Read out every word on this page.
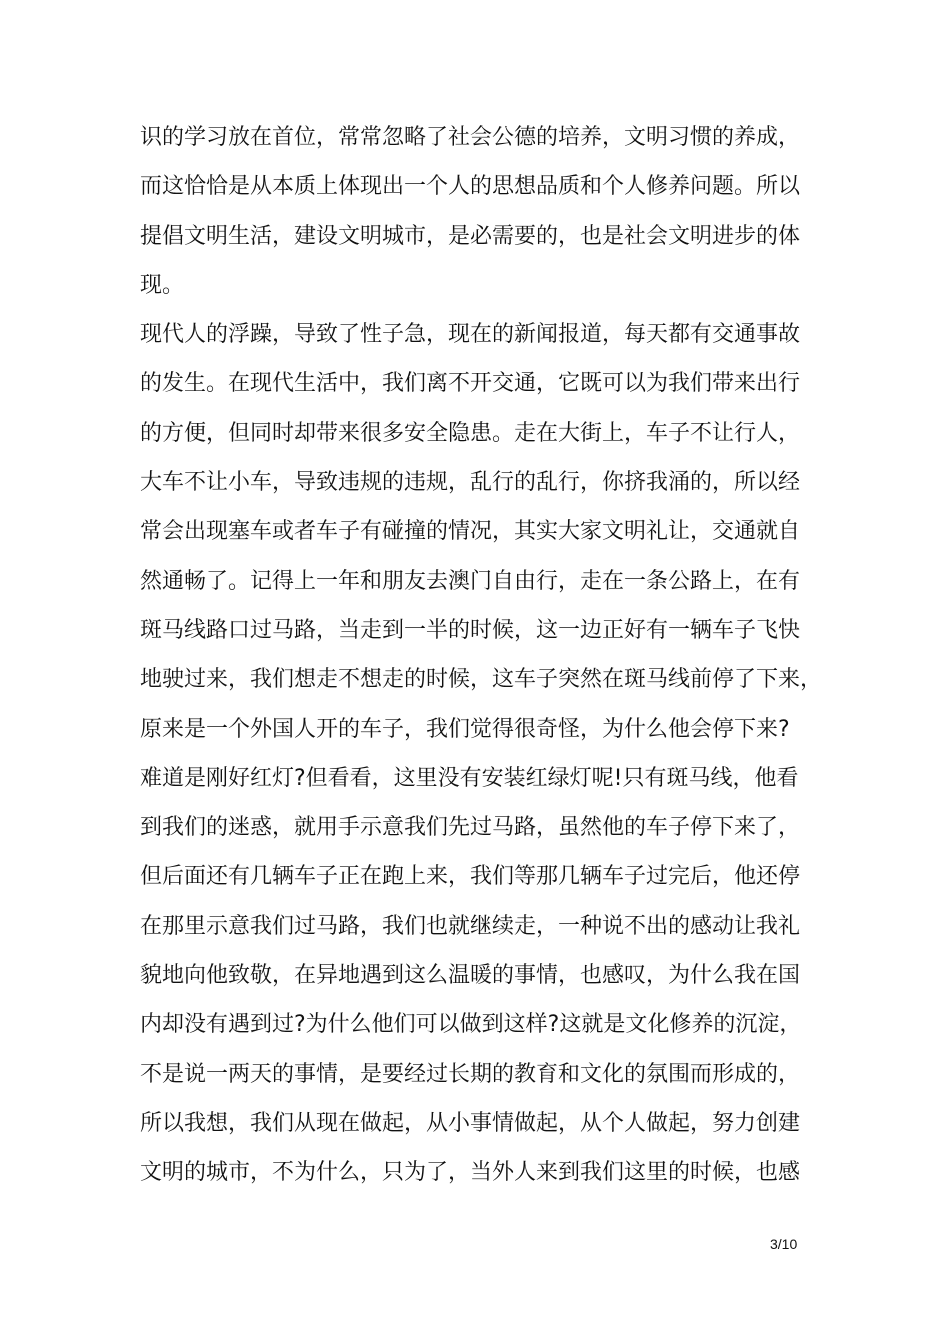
识的学习放在首位，常常忽略了社会公德的培养，文明习惯的养成，
而这恰恰是从本质上体现出一个人的思想品质和个人修养问题。所以
提倡文明生活，建设文明城市，是必需要的，也是社会文明进步的体
现。
现代人的浮躁，导致了性子急，现在的新闻报道，每天都有交通事故
的发生。在现代生活中，我们离不开交通，它既可以为我们带来出行
的方便，但同时却带来很多安全隐患。走在大街上，车子不让行人，
大车不让小车，导致违规的违规，乱行的乱行，你挤我涌的，所以经
常会出现塞车或者车子有碰撞的情况，其实大家文明礼让，交通就自
然通畅了。记得上一年和朋友去澳门自由行，走在一条公路上，在有
斑马线路口过马路，当走到一半的时候，这一边正好有一辆车子飞快
地驶过来，我们想走不想走的时候，这车子突然在斑马线前停了下来，
原来是一个外国人开的车子，我们觉得很奇怪，为什么他会停下来?
难道是刚好红灯?但看看，这里没有安装红绿灯呢!只有斑马线，他看
到我们的迷惑，就用手示意我们先过马路，虽然他的车子停下来了，
但后面还有几辆车子正在跑上来，我们等那几辆车子过完后，他还停
在那里示意我们过马路，我们也就继续走，一种说不出的感动让我礼
貌地向他致敬，在异地遇到这么温暖的事情，也感叹，为什么我在国
内却没有遇到过?为什么他们可以做到这样?这就是文化修养的沉淀，
不是说一两天的事情，是要经过长期的教育和文化的氛围而形成的，
所以我想，我们从现在做起，从小事情做起，从个人做起，努力创建
文明的城市，不为什么，只为了，当外人来到我们这里的时候，也感
3/10
